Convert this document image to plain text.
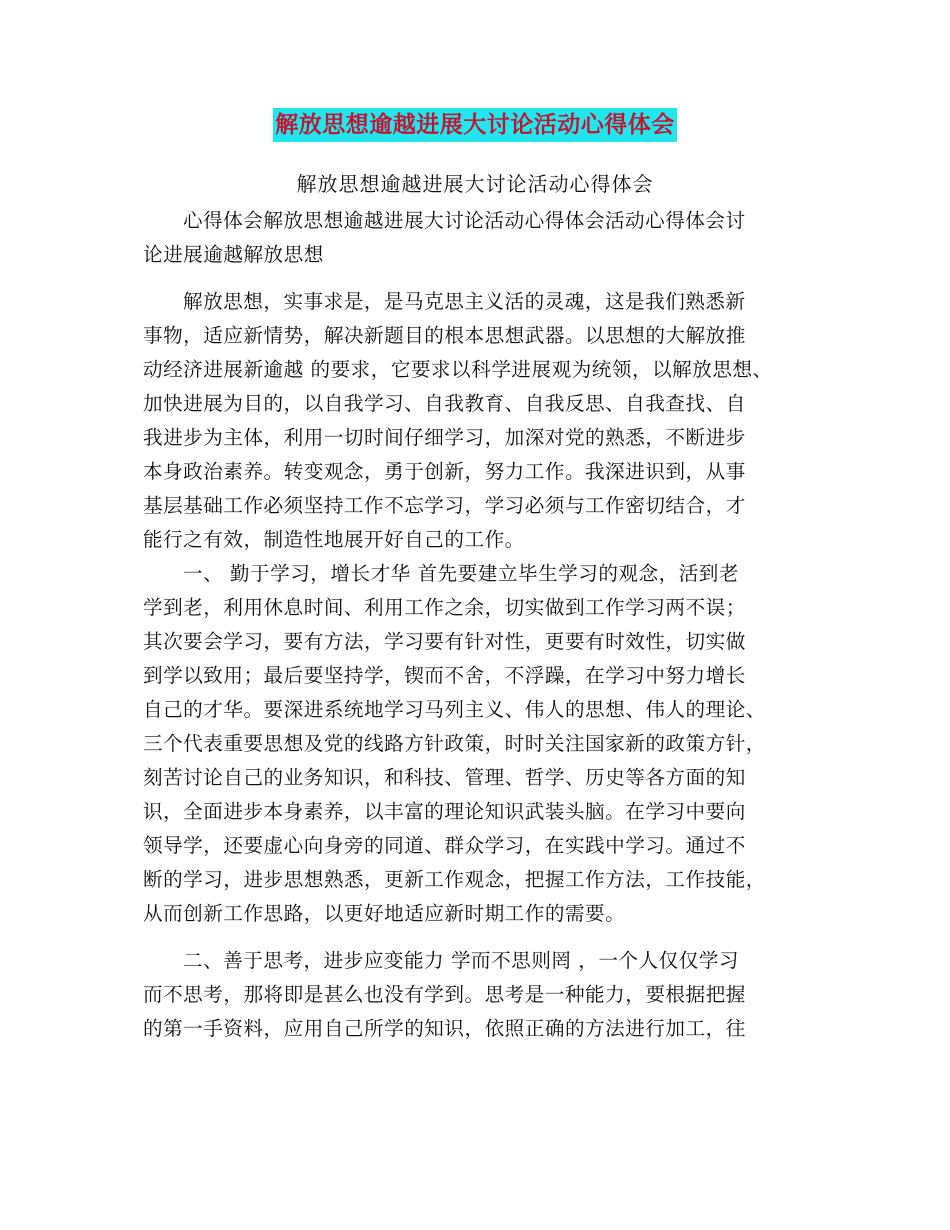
解放思想逾越进展大讨论活动心得体会
解放思想逾越进展大讨论活动心得体会
心得体会解放思想逾越进展大讨论活动心得体会活动心得体会讨
论进展逾越解放思想
解放思想，实事求是，是马克思主义活的灵魂，这是我们熟悉新
事物，适应新情势，解决新题目的根本思想武器。以思想的大解放推
动经济进展新逾越 的要求，它要求以科学进展观为统领，以解放思想、
加快进展为目的，以自我学习、自我教育、自我反思、自我查找、自
我进步为主体，利用一切时间仔细学习，加深对党的熟悉，不断进步
本身政治素养。转变观念，勇于创新，努力工作。我深进识到，从事
基层基础工作必须坚持工作不忘学习，学习必须与工作密切结合，才
能行之有效，制造性地展开好自己的工作。
一、 勤于学习，增长才华 首先要建立毕生学习的观念，活到老
学到老，利用休息时间、利用工作之余，切实做到工作学习两不误；
其次要会学习，要有方法，学习要有针对性，更要有时效性，切实做
到学以致用；最后要坚持学，锲而不舍，不浮躁，在学习中努力增长
自己的才华。要深进系统地学习马列主义、伟人的思想、伟人的理论、
三个代表重要思想及党的线路方针政策，时时关注国家新的政策方针，
刻苦讨论自己的业务知识，和科技、管理、哲学、历史等各方面的知
识，全面进步本身素养，以丰富的理论知识武装头脑。在学习中要向
领导学，还要虚心向身旁的同道、群众学习，在实践中学习。通过不
断的学习，进步思想熟悉，更新工作观念，把握工作方法，工作技能，
从而创新工作思路，以更好地适应新时期工作的需要。
二、善于思考，进步应变能力 学而不思则罔 ，一个人仅仅学习
而不思考，那将即是甚么也没有学到。思考是一种能力，要根据把握
的第一手资料，应用自己所学的知识，依照正确的方法进行加工，往
